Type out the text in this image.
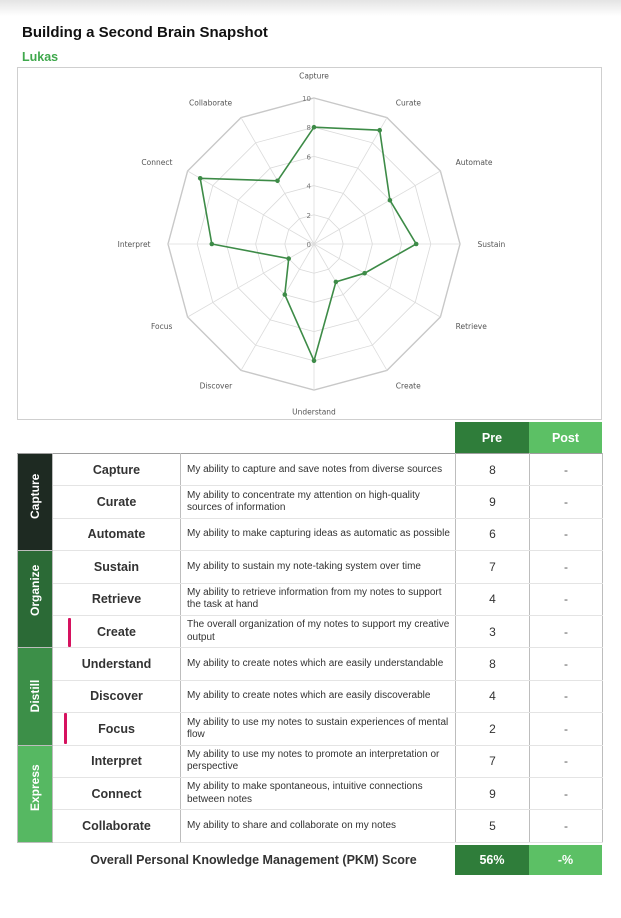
Building a Second Brain Snapshot
Lukas
0
2
4
6
8
10
Capture
Curate
Automate
Sustain
Retrieve
Create
Understand
Discover
Focus
Interpret
Connect
Collaborate
Pre	Post
Capture	Capture	My ability to capture and save notes from diverse sources	8	-
	Curate	My ability to concentrate my attention on high-quality sources of information	9	-
	Automate	My ability to make capturing ideas as automatic as possible	6	-

Organize	Sustain	My ability to sustain my note-taking system over time	7	-
	Retrieve	My ability to retrieve information from my notes to support the task at hand	4	-
	Create	The overall organization of my notes to support my creative output	3	-

Distill	Understand	My ability to create notes which are easily understandable	8	-
	Discover	My ability to create notes which are easily discoverable	4	-
	Focus	My ability to use my notes to sustain experiences of mental flow	2	-

Express	Interpret	My ability to use my notes to promote an interpretation or perspective	7	-
	Connect	My ability to make spontaneous, intuitive connections between notes	9	-
	Collaborate	My ability to share and collaborate on my notes	5	-
Overall Personal Knowledge Management (PKM) Score	56%	-%
